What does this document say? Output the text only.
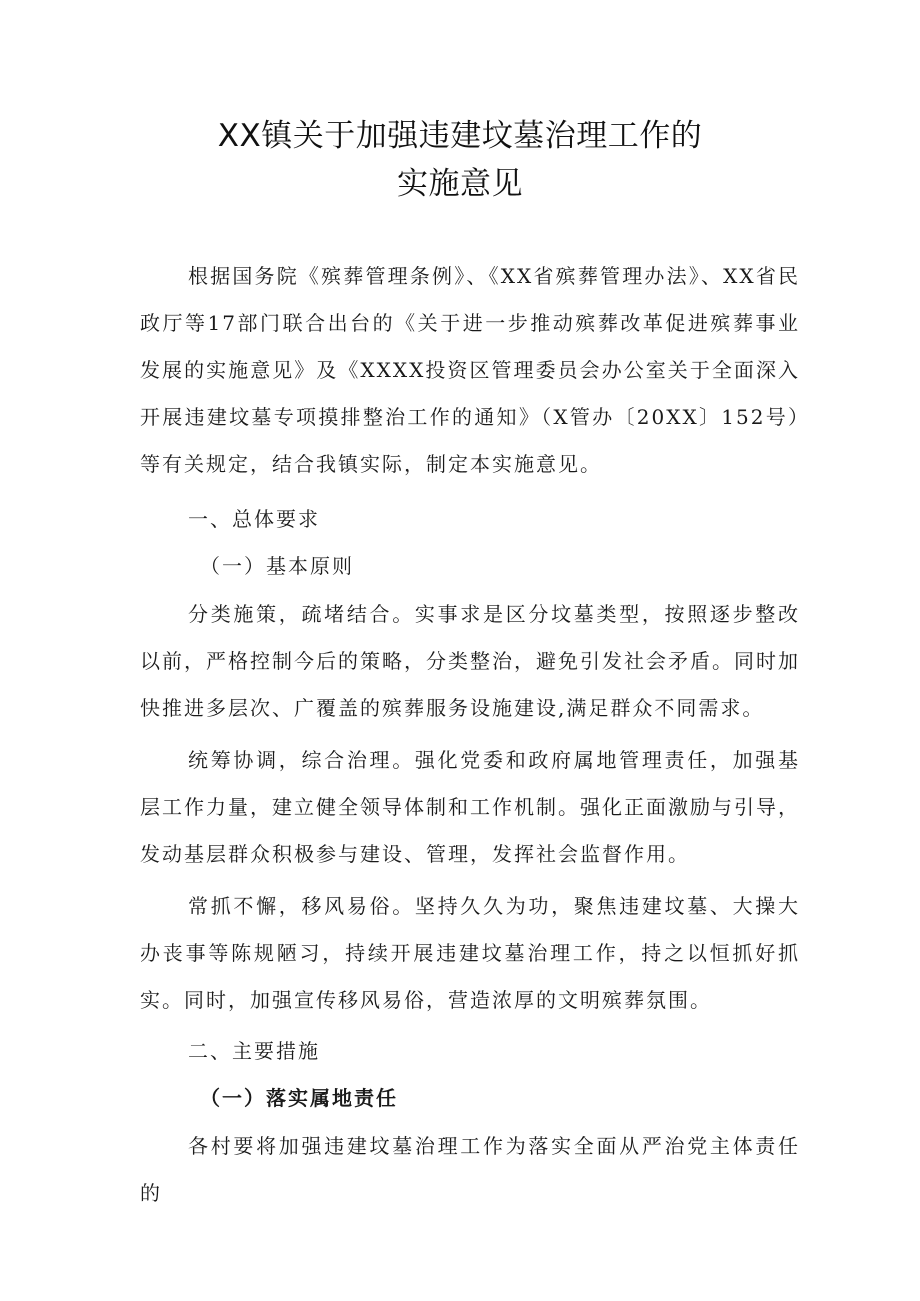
XX镇关于加强违建坟墓治理工作的
实施意见
根据国务院《殡葬管理条例》、《XX省殡葬管理办法》、XX省民政厅等17部门联合出台的《关于进一步推动殡葬改革促进殡葬事业发展的实施意见》及《XXXX投资区管理委员会办公室关于全面深入开展违建坟墓专项摸排整治工作的通知》（X管办〔20XX〕152号）等有关规定，结合我镇实际，制定本实施意见。
一、总体要求
（一）基本原则
分类施策，疏堵结合。实事求是区分坟墓类型，按照逐步整改以前，严格控制今后的策略，分类整治，避免引发社会矛盾。同时加快推进多层次、广覆盖的殡葬服务设施建设,满足群众不同需求。
统筹协调，综合治理。强化党委和政府属地管理责任，加强基层工作力量，建立健全领导体制和工作机制。强化正面激励与引导，发动基层群众积极参与建设、管理，发挥社会监督作用。
常抓不懈，移风易俗。坚持久久为功，聚焦违建坟墓、大操大办丧事等陈规陋习，持续开展违建坟墓治理工作，持之以恒抓好抓实。同时，加强宣传移风易俗，营造浓厚的文明殡葬氛围。
二、主要措施
（一）落实属地责任
各村要将加强违建坟墓治理工作为落实全面从严治党主体责任的
